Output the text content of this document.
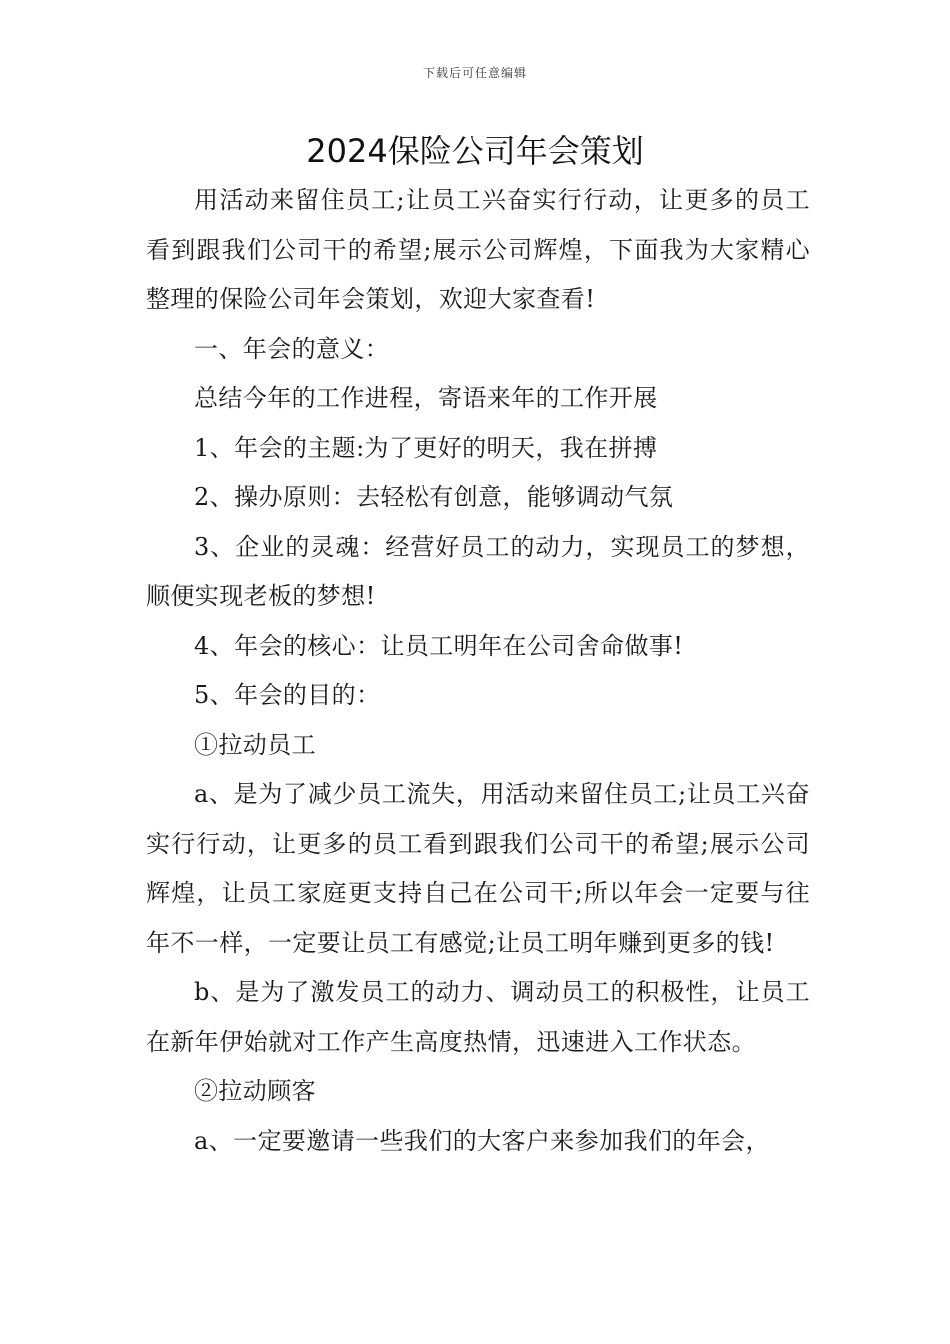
下载后可任意编辑
2024保险公司年会策划

用活动来留住员工;让员工兴奋实行行动，让更多的员工看到跟我们公司干的希望;展示公司辉煌，下面我为大家精心整理的保险公司年会策划，欢迎大家查看!

一、年会的意义：

总结今年的工作进程，寄语来年的工作开展

1、年会的主题:为了更好的明天，我在拼搏

2、操办原则：去轻松有创意，能够调动气氛

3、企业的灵魂：经营好员工的动力，实现员工的梦想，顺便实现老板的梦想!

4、年会的核心：让员工明年在公司舍命做事!

5、年会的目的：

①拉动员工

a、是为了减少员工流失，用活动来留住员工;让员工兴奋实行行动，让更多的员工看到跟我们公司干的希望;展示公司辉煌，让员工家庭更支持自己在公司干;所以年会一定要与往年不一样，一定要让员工有感觉;让员工明年赚到更多的钱!

b、是为了激发员工的动力、调动员工的积极性，让员工在新年伊始就对工作产生高度热情，迅速进入工作状态。

②拉动顾客

a、一定要邀请一些我们的大客户来参加我们的年会，
